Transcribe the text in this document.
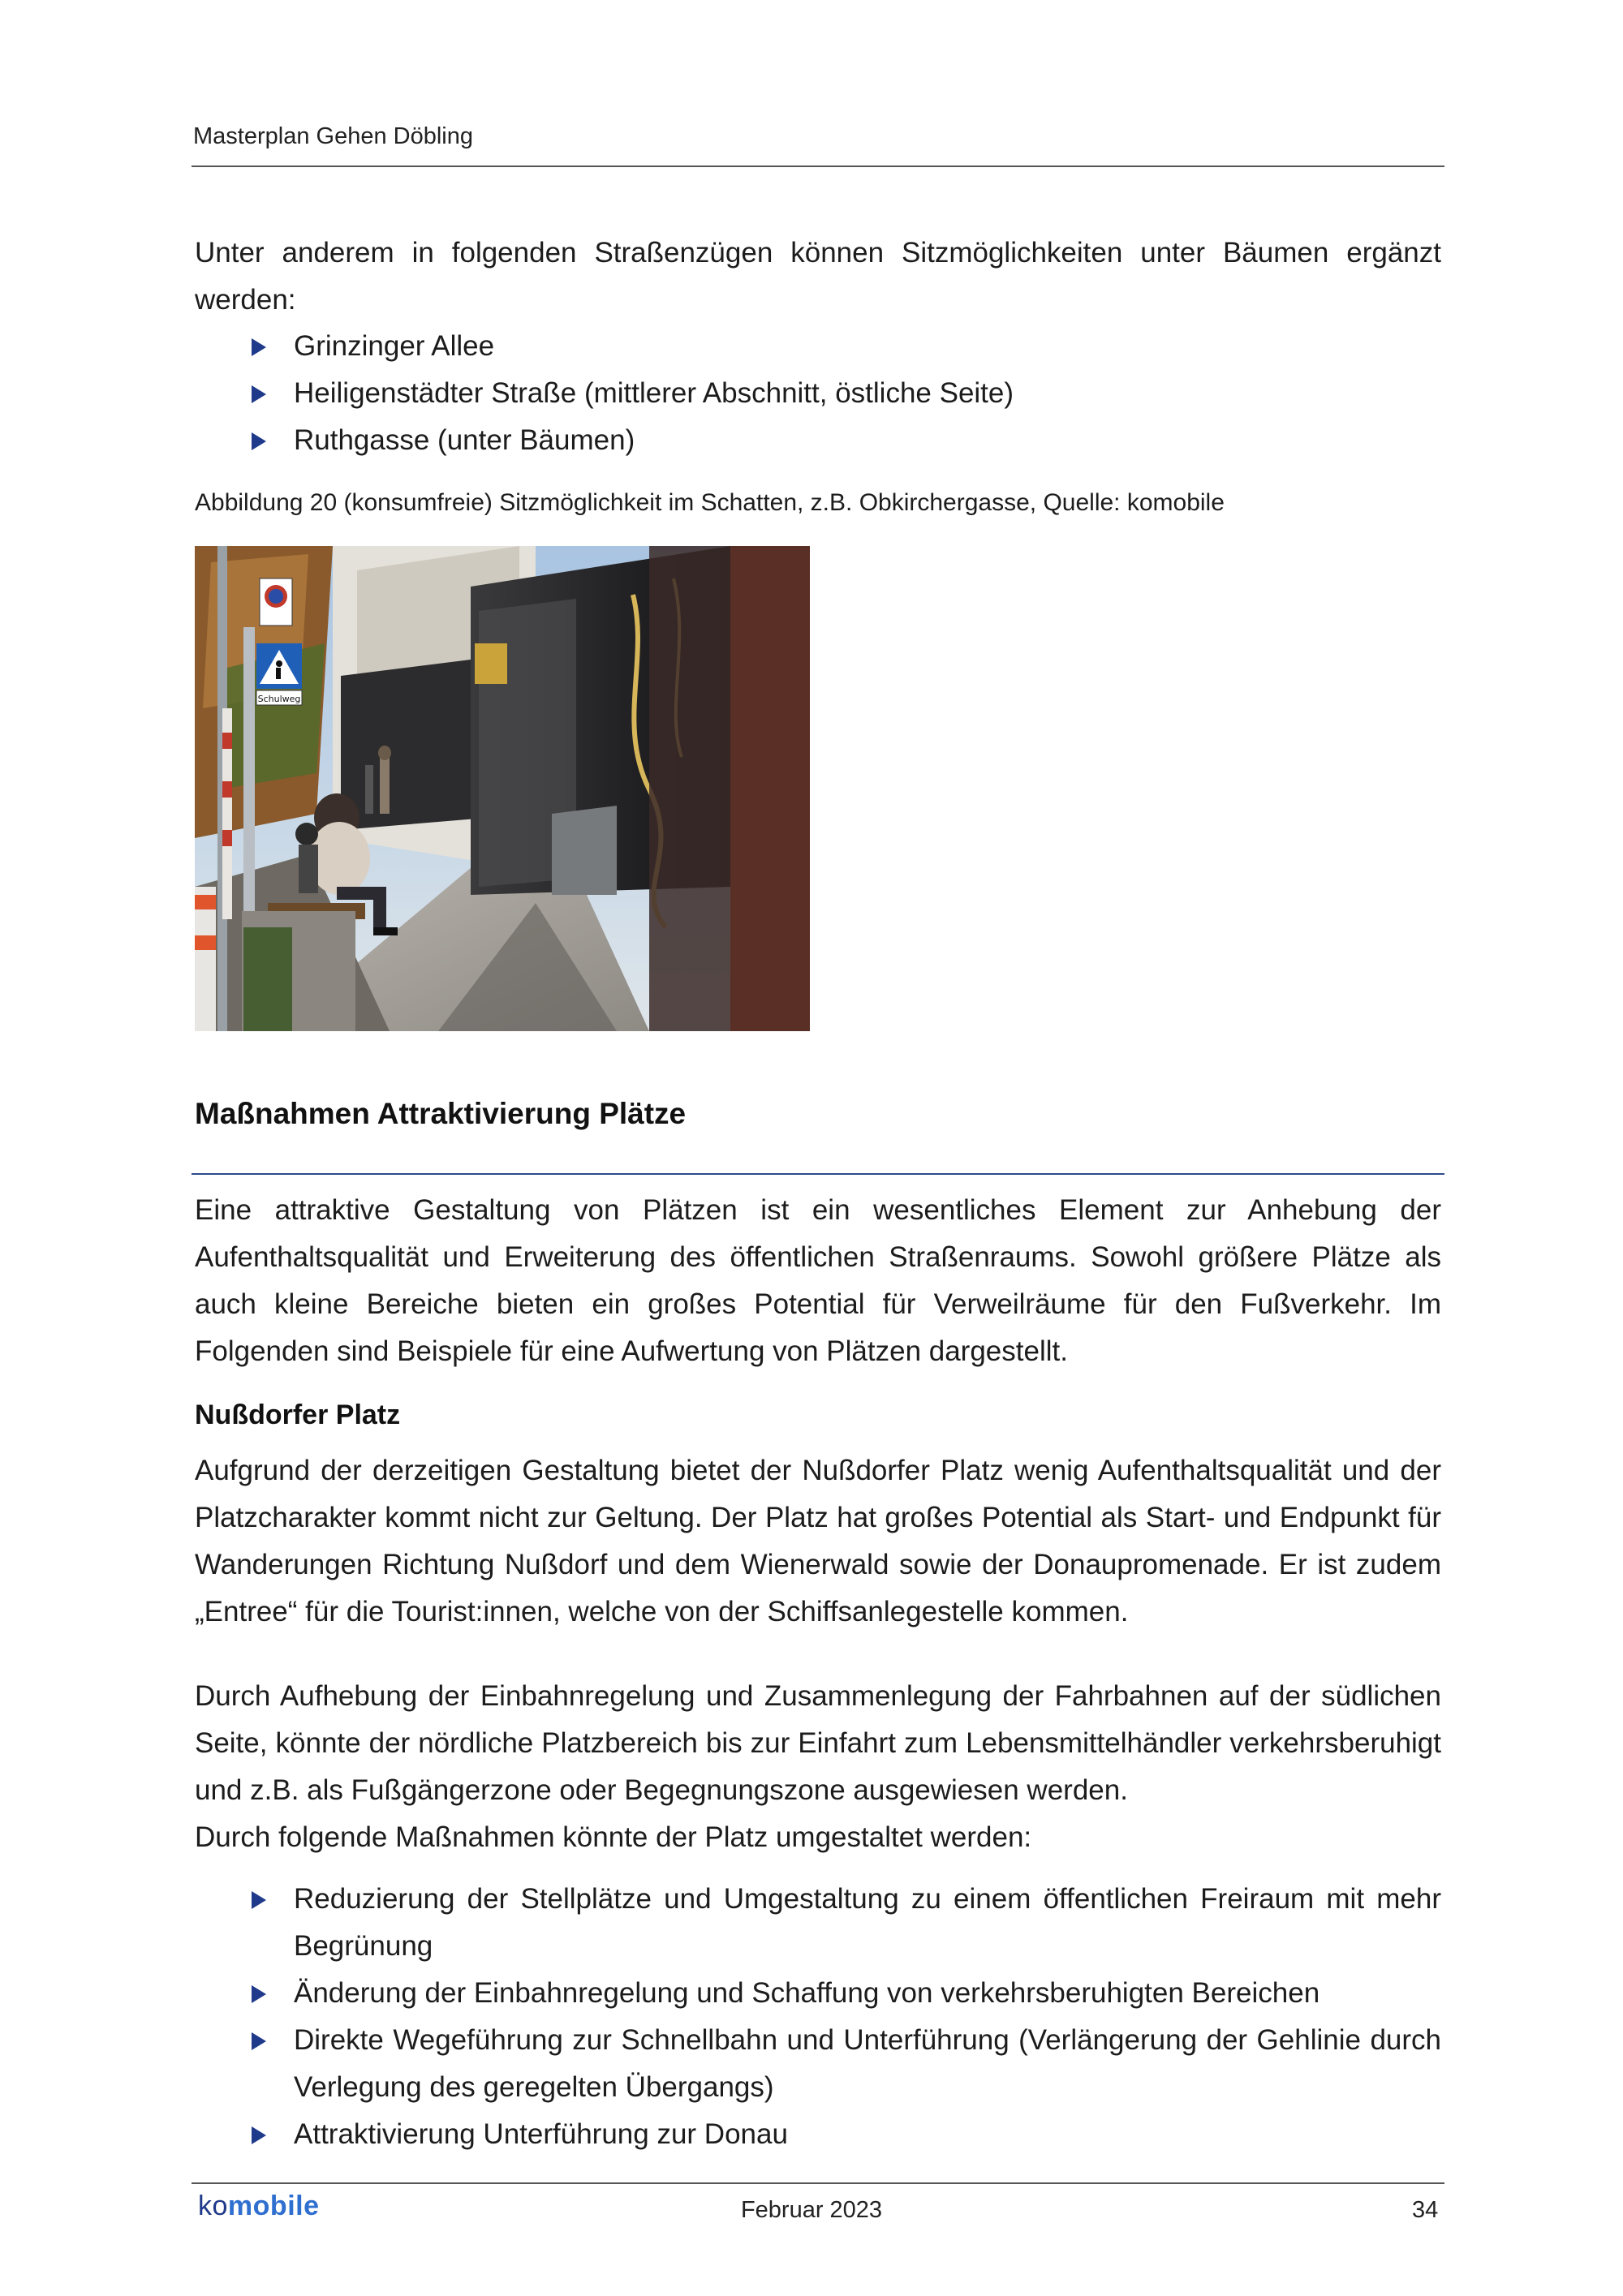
Masterplan Gehen Döbling

Unter anderem in folgenden Straßenzügen können Sitzmöglichkeiten unter Bäumen ergänzt werden:

Grinzinger Allee
Heiligenstädter Straße (mittlerer Abschnitt, östliche Seite)
Ruthgasse (unter Bäumen)
Abbildung 20 (konsumfreie) Sitzmöglichkeit im Schatten, z.B. Obkirchergasse, Quelle: komobile
Schulweg
Maßnahmen Attraktivierung Plätze

Eine attraktive Gestaltung von Plätzen ist ein wesentliches Element zur Anhebung der Aufenthaltsqualität und Erweiterung des öffentlichen Straßenraums. Sowohl größere Plätze als auch kleine Bereiche bieten ein großes Potential für Verweilräume für den Fußverkehr. Im Folgenden sind Beispiele für eine Aufwertung von Plätzen dargestellt.

Nußdorfer Platz

Aufgrund der derzeitigen Gestaltung bietet der Nußdorfer Platz wenig Aufenthaltsqualität und der Platzcharakter kommt nicht zur Geltung. Der Platz hat großes Potential als Start- und Endpunkt für Wanderungen Richtung Nußdorf und dem Wienerwald sowie der Donaupromenade. Er ist zudem „Entree“ für die Tourist:innen, welche von der Schiffsanlegestelle kommen.

Durch Aufhebung der Einbahnregelung und Zusammenlegung der Fahrbahnen auf der südlichen Seite, könnte der nördliche Platzbereich bis zur Einfahrt zum Lebensmittelhändler verkehrsberuhigt und z.B. als Fußgängerzone oder Begegnungszone ausgewiesen werden.

Durch folgende Maßnahmen könnte der Platz umgestaltet werden:

Reduzierung der Stellplätze und Umgestaltung zu einem öffentlichen Freiraum mit mehr Begrünung
Änderung der Einbahnregelung und Schaffung von verkehrsberuhigten Bereichen
Direkte Wegeführung zur Schnellbahn und Unterführung (Verlängerung der Gehlinie durch Verlegung des geregelten Übergangs)
Attraktivierung Unterführung zur Donau
komobile	Februar 2023	34
